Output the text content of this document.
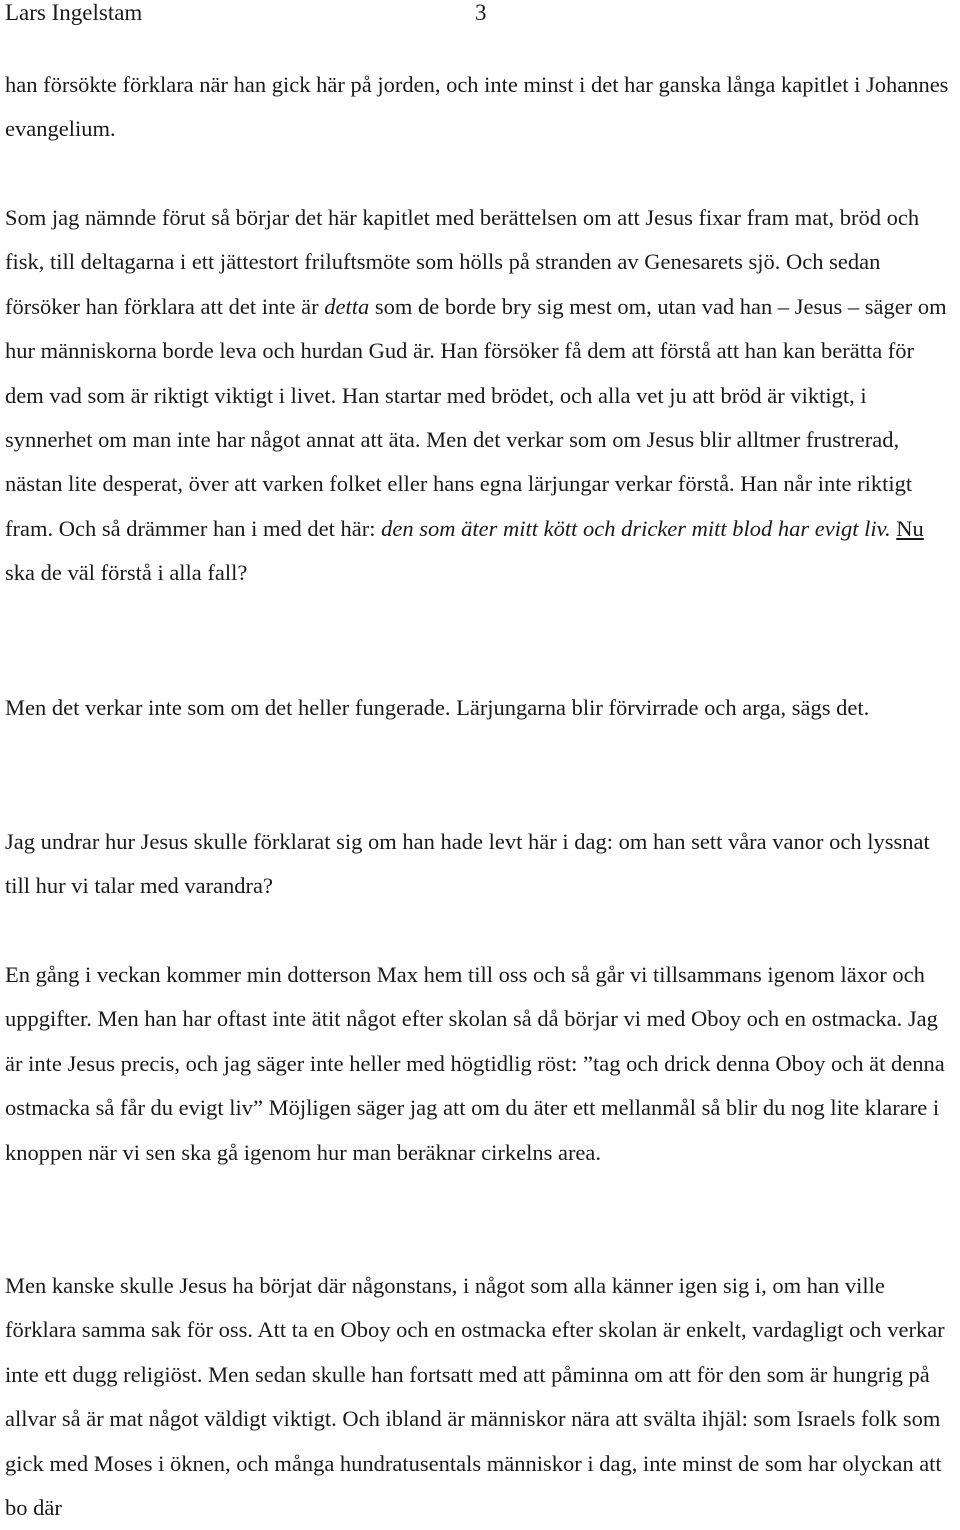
Lars Ingelstam	3

han försökte förklara när han gick här på jorden, och inte minst i det har ganska långa kapitlet i Johannes evangelium.

Som jag nämnde förut så börjar det här kapitlet med berättelsen om att Jesus fixar fram mat, bröd och fisk, till deltagarna i ett jättestort friluftsmöte som hölls på stranden av Genesarets sjö. Och sedan försöker han förklara att det inte är detta som de borde bry sig mest om, utan vad han – Jesus – säger om hur människorna borde leva och hurdan Gud är. Han försöker få dem att förstå att han kan berätta för dem vad som är riktigt viktigt i livet. Han startar med brödet, och alla vet ju att bröd är viktigt, i synnerhet om man inte har något annat att äta. Men det verkar som om Jesus blir alltmer frustrerad, nästan lite desperat, över att varken folket eller hans egna lärjungar verkar förstå. Han når inte riktigt fram. Och så drämmer han i med det här: den som äter mitt kött och dricker mitt blod har evigt liv. Nu ska de väl förstå i alla fall?

Men det verkar inte som om det heller fungerade. Lärjungarna blir förvirrade och arga, sägs det.

Jag undrar hur Jesus skulle förklarat sig om han hade levt här i dag: om han sett våra vanor och lyssnat till hur vi talar med varandra?

En gång i veckan kommer min dotterson Max hem till oss och så går vi tillsammans igenom läxor och uppgifter. Men han har oftast inte ätit något efter skolan så då börjar vi med Oboy och en ostmacka. Jag är inte Jesus precis, och jag säger inte heller med högtidlig röst: ”tag och drick denna Oboy och ät denna ostmacka så får du evigt liv” Möjligen säger jag att om du äter ett mellanmål så blir du nog lite klarare i knoppen när vi sen ska gå igenom hur man beräknar cirkelns area.

Men kanske skulle Jesus ha börjat där någonstans, i något som alla känner igen sig i, om han ville förklara samma sak för oss. Att ta en Oboy och en ostmacka efter skolan är enkelt, vardagligt och verkar inte ett dugg religiöst. Men sedan skulle han fortsatt med att påminna om att för den som är hungrig på allvar så är mat något väldigt viktigt. Och ibland är människor nära att svälta ihjäl: som Israels folk som gick med Moses i öknen, och många hundratusentals människor i dag, inte minst de som har olyckan att bo där
